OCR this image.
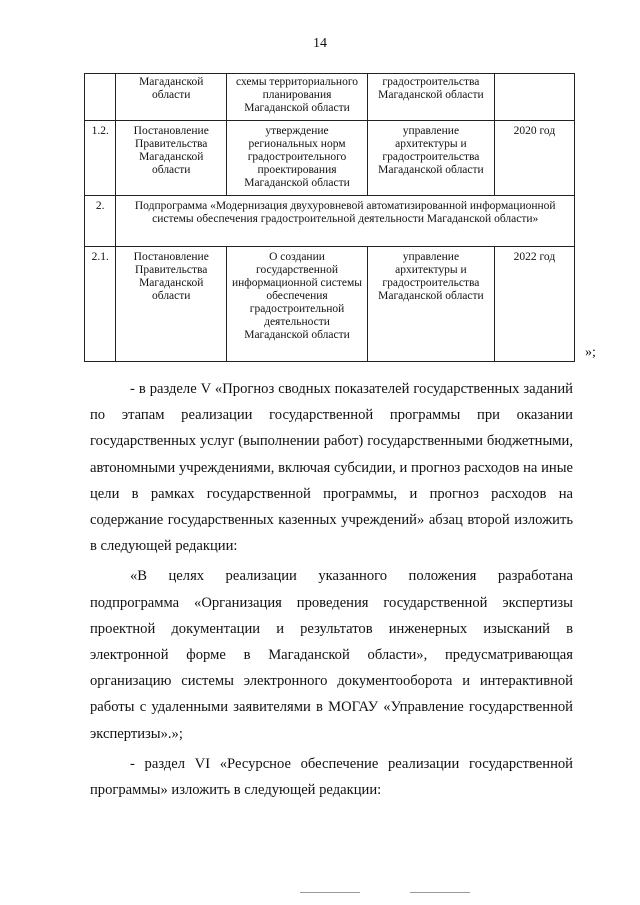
14
	Магаданской области	схемы территориального планирования Магаданской области	градостроительства Магаданской области	
1.2.	Постановление Правительства Магаданской области	утверждение региональных норм градостроительного проектирования Магаданской области	управление архитектуры и градостроительства Магаданской области	2020 год
2.	Подпрограмма «Модернизация двухуровневой автоматизированной информационной системы обеспечения градостроительной деятельности Магаданской области»			
2.1.	Постановление Правительства Магаданской области	О создании государственной информационной системы обеспечения градостроительной деятельности Магаданской области	управление архитектуры и градостроительства Магаданской области	2022 год
»;

- в разделе V «Прогноз сводных показателей государственных заданий по этапам реализации государственной программы при оказании государственных услуг (выполнении работ) государственными бюджетными, автономными учреждениями, включая субсидии, и прогноз расходов на иные цели в рамках государственной программы, и прогноз расходов на содержание государственных казенных учреждений» абзац второй изложить в следующей редакции:

«В целях реализации указанного положения разработана подпрограмма «Организация проведения государственной экспертизы проектной документации и результатов инженерных изысканий в электронной форме в Магаданской области», предусматривающая организацию системы электронного документооборота и интерактивной работы с удаленными заявителями в МОГАУ «Управление государственной экспертизы».»;

- раздел VI «Ресурсное обеспечение реализации государственной программы» изложить в следующей редакции:
